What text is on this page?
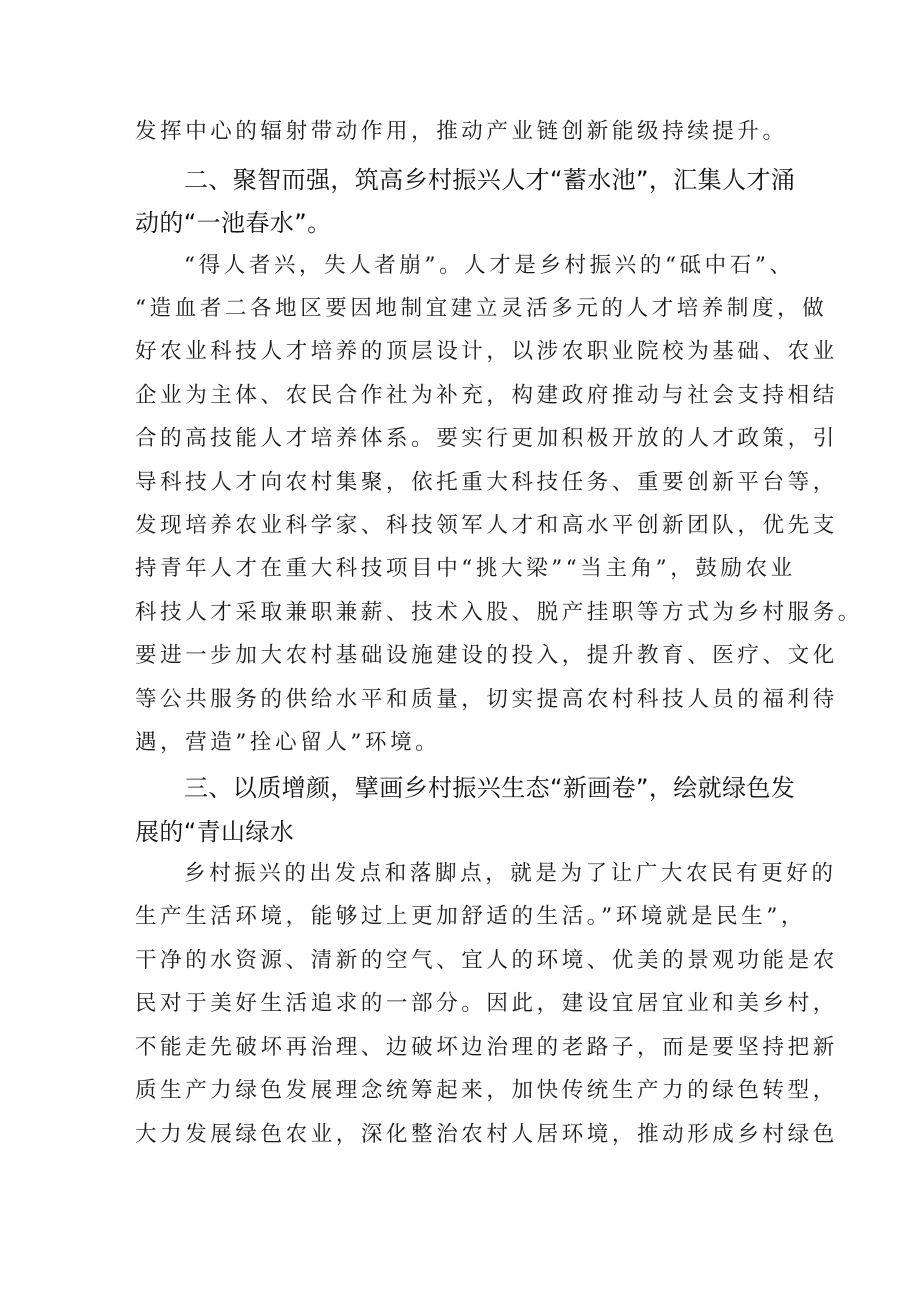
发挥中心的辐射带动作用，推动产业链创新能级持续提升。
二、聚智而强，筑高乡村振兴人才“蓄水池”，汇集人才涌
动的“一池春水”。
“得人者兴，失人者崩”。人才是乡村振兴的“砥中石”、
“造血者二各地区要因地制宜建立灵活多元的人才培养制度，做
好农业科技人才培养的顶层设计，以涉农职业院校为基础、农业
企业为主体、农民合作社为补充，构建政府推动与社会支持相结
合的高技能人才培养体系。要实行更加积极开放的人才政策，引
导科技人才向农村集聚，依托重大科技任务、重要创新平台等，
发现培养农业科学家、科技领军人才和高水平创新团队，优先支
持青年人才在重大科技项目中“挑大梁”“当主角”，鼓励农业
科技人才采取兼职兼薪、技术入股、脱产挂职等方式为乡村服务。
要进一步加大农村基础设施建设的投入，提升教育、医疗、文化
等公共服务的供给水平和质量，切实提高农村科技人员的福利待
遇，营造”拴心留人”环境。
三、以质增颜，擘画乡村振兴生态“新画卷”，绘就绿色发
展的“青山绿水
乡村振兴的出发点和落脚点，就是为了让广大农民有更好的
生产生活环境，能够过上更加舒适的生活。”环境就是民生”，
干净的水资源、清新的空气、宜人的环境、优美的景观功能是农
民对于美好生活追求的一部分。因此，建设宜居宜业和美乡村，
不能走先破坏再治理、边破坏边治理的老路子，而是要坚持把新
质生产力绿色发展理念统筹起来，加快传统生产力的绿色转型，
大力发展绿色农业，深化整治农村人居环境，推动形成乡村绿色
